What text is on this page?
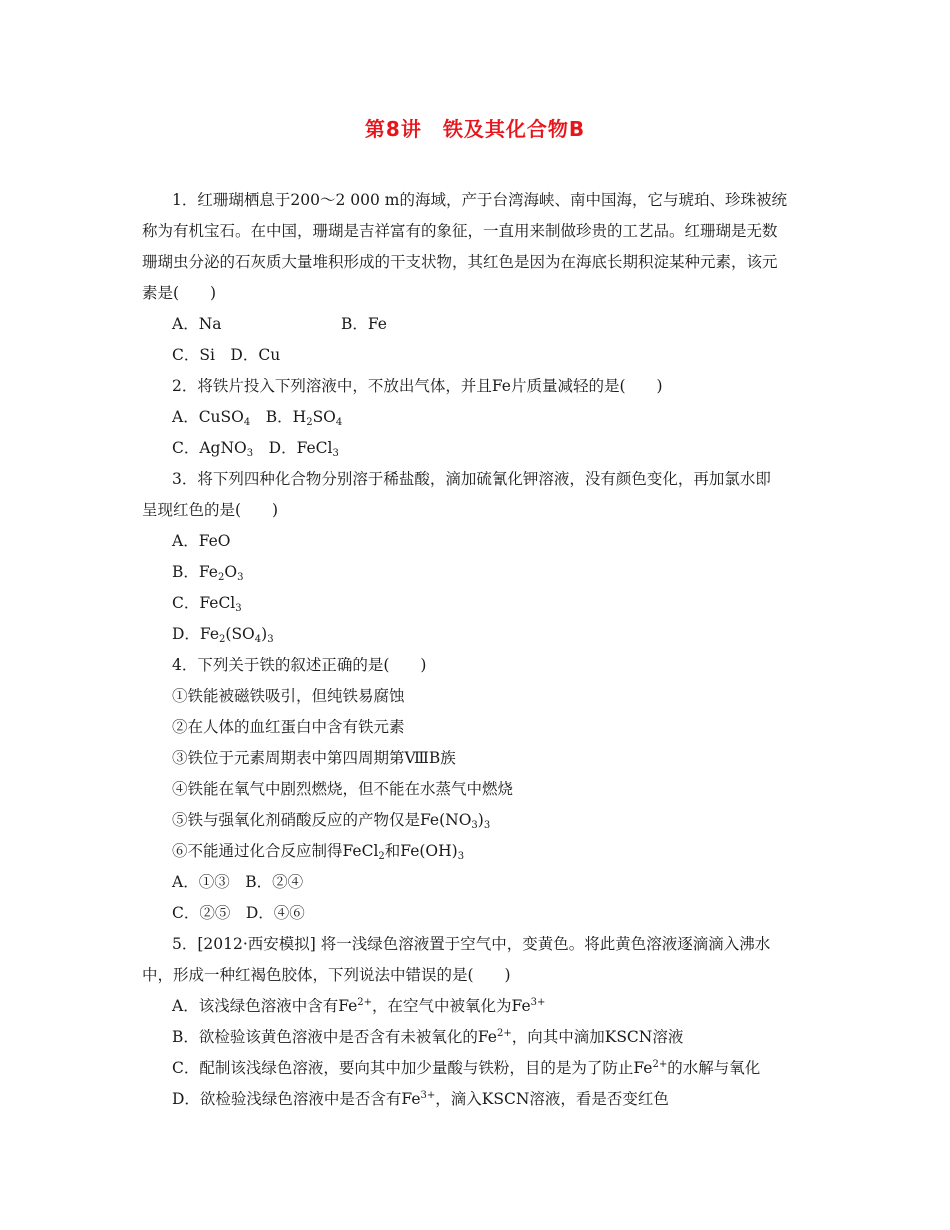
第8讲　铁及其化合物B
1．红珊瑚栖息于200～2 000 m的海域，产于台湾海峡、南中国海，它与琥珀、珍珠被统
称为有机宝石。在中国，珊瑚是吉祥富有的象征，一直用来制做珍贵的工艺品。红珊瑚是无数
珊瑚虫分泌的石灰质大量堆积形成的干支状物，其红色是因为在海底长期积淀某种元素，该元
素是(　　)
A．Na	B．Fe
C．Si　D．Cu
2．将铁片投入下列溶液中，不放出气体，并且Fe片质量减轻的是(　　)
A．CuSO$_4$　 B．$H_2SO_4$
C．AgNO$_3$　 D．FeCl$_3$
3．将下列四种化合物分别溶于稀盐酸，滴加硫氰化钾溶液，没有颜色变化，再加氯水即
呈现红色的是(　　)
A．FeO
B．$Fe_2O_3$
C．FeCl$_3$
D．$Fe_2(SO_4)_3$
4．下列关于铁的叙述正确的是(　　)
①铁能被磁铁吸引，但纯铁易腐蚀
②在人体的血红蛋白中含有铁元素
③铁位于元素周期表中第四周期第ⅧB族
④铁能在氧气中剧烈燃烧，但不能在水蒸气中燃烧
⑤铁与强氧化剂硝酸反应的产物仅是$Fe(NO_3)_3$
⑥不能通过化合反应制得FeCl$_2$和$Fe(OH)_3$
A．①③　B．②④
C．②⑤　D．④⑥
5．[2012·西安模拟] 将一浅绿色溶液置于空气中，变黄色。将此黄色溶液逐滴滴入沸水
中，形成一种红褐色胶体，下列说法中错误的是(　　)
A．该浅绿色溶液中含有$Fe^{2+}$，在空气中被氧化为$Fe^{3+}$
B．欲检验该黄色溶液中是否含有未被氧化的$Fe^{2+}$，向其中滴加KSCN溶液
C．配制该浅绿色溶液，要向其中加少量酸与铁粉，目的是为了防止$Fe^{2+}$的水解与氧化
D．欲检验浅绿色溶液中是否含有$Fe^{3+}$，滴入KSCN溶液，看是否变红色
